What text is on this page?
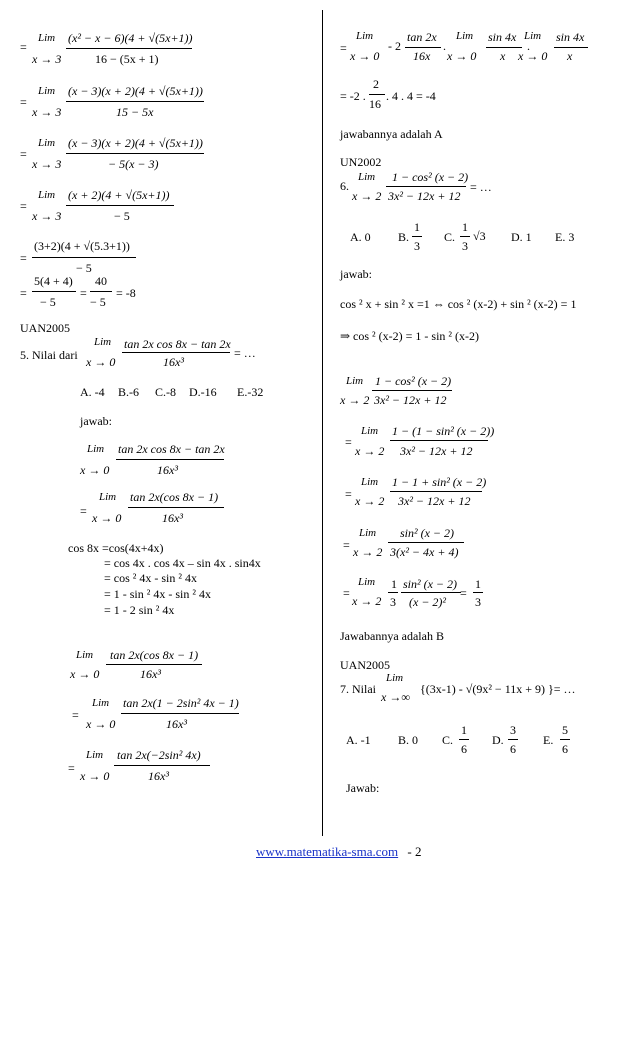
=
Lim (x² − x − 6)(4 + √(5x+1))
x → 3	16 − (5x + 1)
=
Lim (x − 3)(x + 2)(4 + √(5x+1))
x → 3	15 − 5x
=
Lim (x − 3)(x + 2)(4 + √(5x+1))
x → 3	− 5(x − 3)
=
Lim (x + 2)(4 + √(5x+1))
x → 3	− 5
=
(3+2)(4 + √(5.3+1))
− 5
=
5(4 + 4)
− 5
=
40
− 5
= -8
UAN2005
5. Nilai dari
Lim tan 2x cos 8x − tan 2x
x → 0	16x³
= …
A. -4 B.-6 C.-8 D.-16 E.-32
jawab:
Lim tan 2x cos 8x − tan 2x
x → 0	16x³
=
Lim tan 2x(cos 8x − 1)
x → 0	16x³
cos 8x =cos(4x+4x)
= cos 4x . cos 4x – sin 4x . sin4x
= cos ² 4x - sin ² 4x
= 1 - sin ² 4x - sin ² 4x
= 1 - 2 sin ² 4x
Lim tan 2x(cos 8x − 1)
x → 0	16x³
=
Lim tan 2x(1 − 2sin² 4x − 1)
x → 0	16x³
=
Lim tan 2x(−2sin² 4x)
x → 0	16x³
=
Lim
x → 0
- 2
tan 2x
16x
.
Lim
x → 0
sin 4x
x
.
Lim
x → 0
sin 4x
x
= -2 .
2
16
. 4 . 4 = -4
jawabannya adalah A
UN2002
6.
Lim 1 − cos² (x − 2)
x → 2 3x² − 12x + 12
= …
A. 0 B.
1
3
C.
1
3
√3 D. 1 E. 3
jawab:
cos ² x + sin ² x =1 ⇔ cos ² (x-2) + sin ² (x-2) = 1
⇒ cos ² (x-2) = 1 - sin ² (x-2)
Lim 1 − cos² (x − 2)
x → 2 3x² − 12x + 12
=
Lim 1 − (1 − sin² (x − 2))
x → 2 3x² − 12x + 12
=
Lim 1 − 1 + sin² (x − 2)
x → 2 3x² − 12x + 12
=
Lim sin² (x − 2)
x → 2 3(x² − 4x + 4)
=
Lim
x → 2
1
3
sin² (x − 2)
(x − 2)²
=
1
3
Jawabannya adalah B
UAN2005
7. Nilai
Lim
x →∞
{(3x-1) - √(9x² − 11x + 9) }= …
A. -1 B. 0 C.
1
6
D.
3
6
E.
5
6
Jawab:
www.matematika-sma.com - 2
